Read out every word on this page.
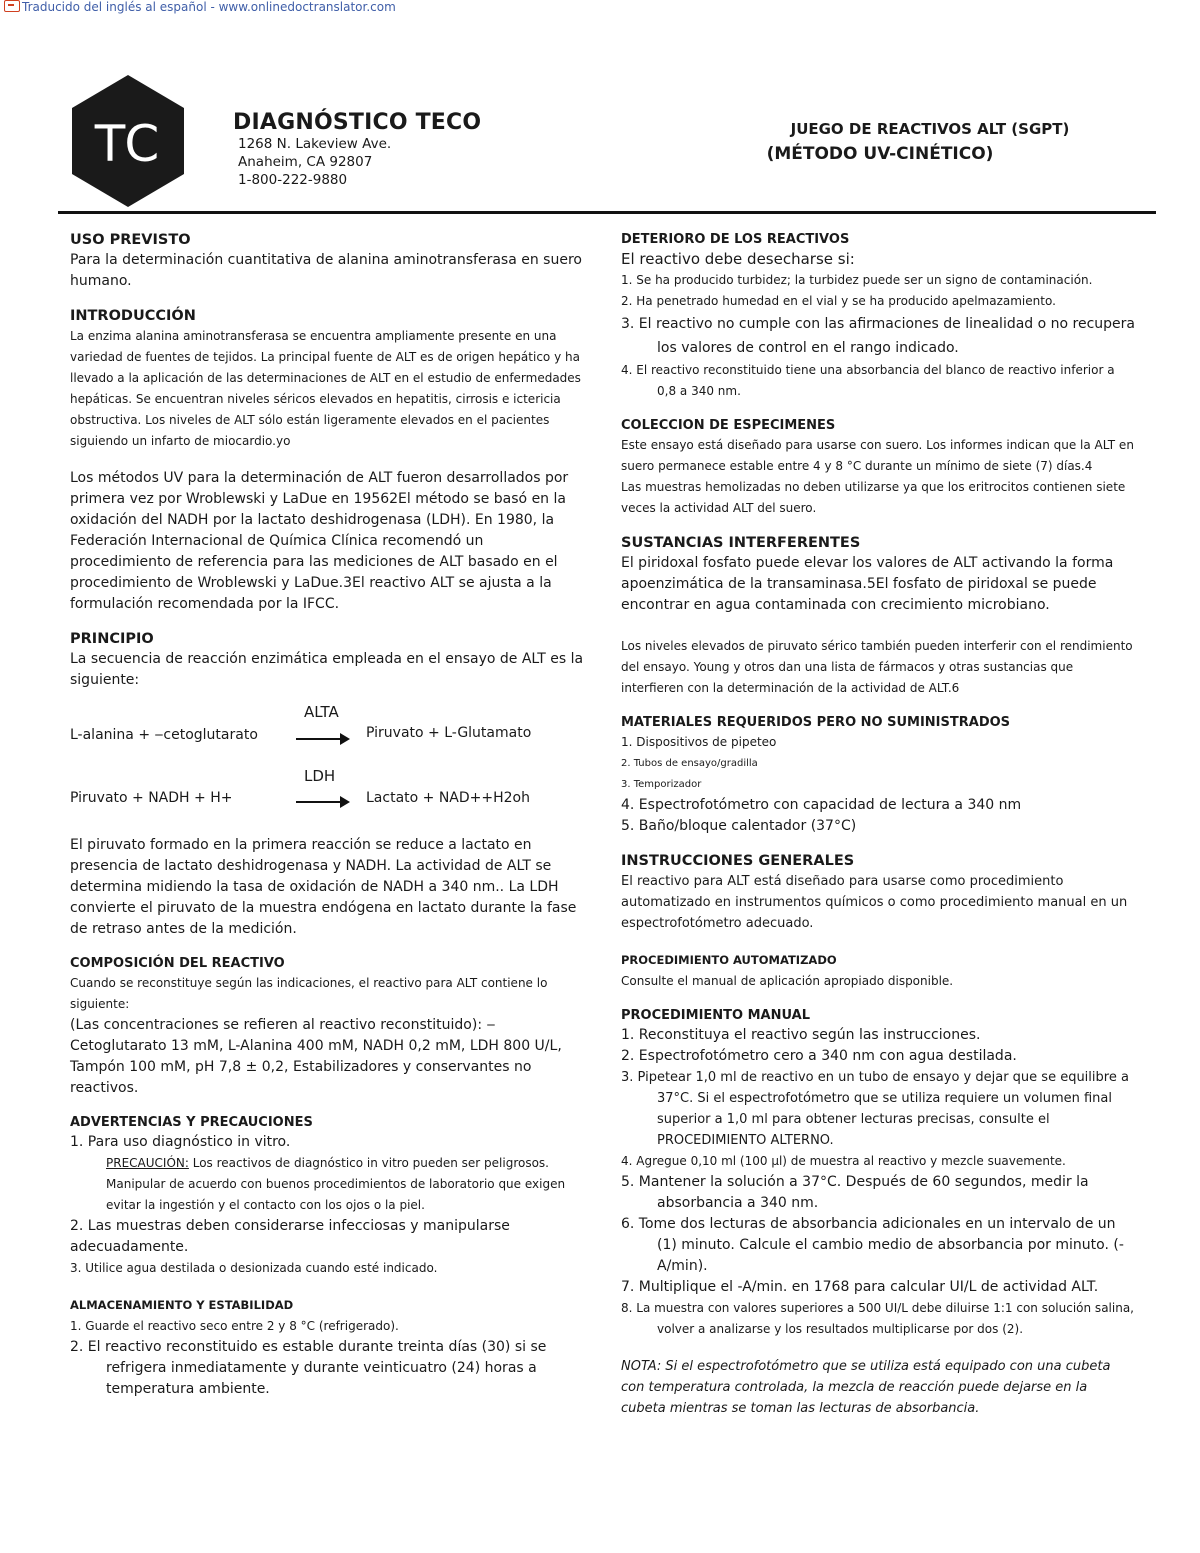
Traducido del inglés al español - www.onlinedoctranslator.com
TC	DIAGNÓSTICO TECO
1268 N. Lakeview Ave.
Anaheim, CA 92807
1-800-222-9880
JUEGO DE REACTIVOS ALT (SGPT)
(MÉTODO UV-CINÉTICO)
USO PREVISTO

Para la determinación cuantitativa de alanina aminotransferasa en suero humano.

INTRODUCCIÓN

La enzima alanina aminotransferasa se encuentra ampliamente presente en una variedad de fuentes de tejidos. La principal fuente de ALT es de origen hepático y ha llevado a la aplicación de las determinaciones de ALT en el estudio de enfermedades hepáticas. Se encuentran niveles séricos elevados en hepatitis, cirrosis e ictericia obstructiva. Los niveles de ALT sólo están ligeramente elevados en el pacientes siguiendo un infarto de miocardio.yo

Los métodos UV para la determinación de ALT fueron desarrollados por primera vez por Wroblewski y LaDue en 19562El método se basó en la oxidación del NADH por la lactato deshidrogenasa (LDH). En 1980, la Federación Internacional de Química Clínica recomendó un procedimiento de referencia para las mediciones de ALT basado en el procedimiento de Wroblewski y LaDue.3El reactivo ALT se ajusta a la formulación recomendada por la IFCC.

PRINCIPIO

La secuencia de reacción enzimática empleada en el ensayo de ALT es la siguiente:

ALTA
L-alanina + ‒cetoglutarato	Piruvato + L-Glutamato
LDH
Piruvato + NADH + H+	Lactato + NAD++H2oh

El piruvato formado en la primera reacción se reduce a lactato en presencia de lactato deshidrogenasa y NADH. La actividad de ALT se determina midiendo la tasa de oxidación de NADH a 340 nm.. La LDH convierte el piruvato de la muestra endógena en lactato durante la fase de retraso antes de la medición.

COMPOSICIÓN DEL REACTIVO

Cuando se reconstituye según las indicaciones, el reactivo para ALT contiene lo siguiente:

(Las concentraciones se refieren al reactivo reconstituido): ‒Cetoglutarato 13 mM, L-Alanina 400 mM, NADH 0,2 mM, LDH 800 U/L, Tampón 100 mM, pH 7,8 ± 0,2, Estabilizadores y conservantes no reactivos.

ADVERTENCIAS Y PRECAUCIONES

1. Para uso diagnóstico in vitro.

PRECAUCIÓN: Los reactivos de diagnóstico in vitro pueden ser peligrosos. Manipular de acuerdo con buenos procedimientos de laboratorio que exigen evitar la ingestión y el contacto con los ojos o la piel.

2. Las muestras deben considerarse infecciosas y manipularse adecuadamente.

3. Utilice agua destilada o desionizada cuando esté indicado.

ALMACENAMIENTO Y ESTABILIDAD

1. Guarde el reactivo seco entre 2 y 8 °C (refrigerado).

2. El reactivo reconstituido es estable durante treinta días (30) si se refrigera inmediatamente y durante veinticuatro (24) horas a temperatura ambiente.

DETERIORO DE LOS REACTIVOS

El reactivo debe desecharse si:

1. Se ha producido turbidez; la turbidez puede ser un signo de contaminación.

2. Ha penetrado humedad en el vial y se ha producido apelmazamiento.

3. El reactivo no cumple con las afirmaciones de linealidad o no recupera los valores de control en el rango indicado.

4. El reactivo reconstituido tiene una absorbancia del blanco de reactivo inferior a 0,8 a 340 nm.

COLECCION DE ESPECIMENES

Este ensayo está diseñado para usarse con suero. Los informes indican que la ALT en suero permanece estable entre 4 y 8 °C durante un mínimo de siete (7) días.4

Las muestras hemolizadas no deben utilizarse ya que los eritrocitos contienen siete veces la actividad ALT del suero.

SUSTANCIAS INTERFERENTES

El piridoxal fosfato puede elevar los valores de ALT activando la forma apoenzimática de la transaminasa.5El fosfato de piridoxal se puede encontrar en agua contaminada con crecimiento microbiano.

Los niveles elevados de piruvato sérico también pueden interferir con el rendimiento del ensayo. Young y otros dan una lista de fármacos y otras sustancias que interfieren con la determinación de la actividad de ALT.6

MATERIALES REQUERIDOS PERO NO SUMINISTRADOS

1. Dispositivos de pipeteo

2. Tubos de ensayo/gradilla

3. Temporizador

4. Espectrofotómetro con capacidad de lectura a 340 nm

5. Baño/bloque calentador (37°C)

INSTRUCCIONES GENERALES

El reactivo para ALT está diseñado para usarse como procedimiento automatizado en instrumentos químicos o como procedimiento manual en un espectrofotómetro adecuado.

PROCEDIMIENTO AUTOMATIZADO

Consulte el manual de aplicación apropiado disponible.

PROCEDIMIENTO MANUAL

1. Reconstituya el reactivo según las instrucciones.

2. Espectrofotómetro cero a 340 nm con agua destilada.

3. Pipetear 1,0 ml de reactivo en un tubo de ensayo y dejar que se equilibre a 37°C. Si el espectrofotómetro que se utiliza requiere un volumen final superior a 1,0 ml para obtener lecturas precisas, consulte el PROCEDIMIENTO ALTERNO.

4. Agregue 0,10 ml (100 µl) de muestra al reactivo y mezcle suavemente.

5. Mantener la solución a 37°C. Después de 60 segundos, medir la absorbancia a 340 nm.

6. Tome dos lecturas de absorbancia adicionales en un intervalo de un (1) minuto. Calcule el cambio medio de absorbancia por minuto. (-A/min).

7. Multiplique el -A/min. en 1768 para calcular UI/L de actividad ALT.

8. La muestra con valores superiores a 500 UI/L debe diluirse 1:1 con solución salina, volver a analizarse y los resultados multiplicarse por dos (2).

NOTA: Si el espectrofotómetro que se utiliza está equipado con una cubeta con temperatura controlada, la mezcla de reacción puede dejarse en la cubeta mientras se toman las lecturas de absorbancia.
